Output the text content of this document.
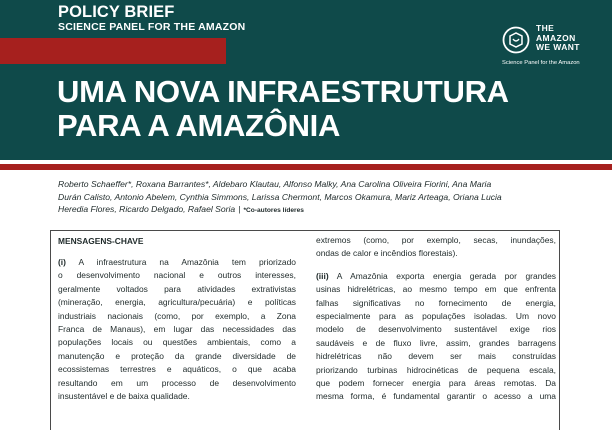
SCIENCE PANEL FOR THE AMAZON
POLICY BRIEF
UMA NOVA INFRAESTRUTURA
PARA A AMAZÔNIA
THE
AMAZON
WE WANT
Science Panel for the Amazon
Roberto Schaeffer*, Roxana Barrantes*, Aldebaro Klautau, Alfonso Malky, Ana Carolina Oliveira Fiorini, Ana Maria
Durán Calisto, Antonio Abelem, Cynthia Simmons, Larissa Chermont, Marcos Okamura, Mariz Arteaga, Oriana Lucia
Heredia Flores, Ricardo Delgado, Rafael Soria | *Co-autores líderes
MENSAGENS-CHAVE
(i) A infraestrutura na Amazônia tem priorizado
o desenvolvimento nacional e outros interesses,
geralmente voltados para atividades extrativistas
(mineração, energia, agricultura/pecuária) e políticas
industriais nacionais (como, por exemplo, a Zona
Franca de Manaus), em lugar das necessidades das
populações locais ou questões ambientais, como a
manutenção e proteção da grande diversidade de
ecossistemas terrestres e aquáticos, o que acaba
resultando em um processo de desenvolvimento
insustentável e de baixa qualidade.
extremos (como, por exemplo, secas, inundações,
ondas de calor e incêndios florestais).
(iii) A Amazônia exporta energia gerada por grandes
usinas hidrelétricas, ao mesmo tempo em que enfrenta
falhas significativas no fornecimento de energia,
especialmente para as populações isoladas. Um novo
modelo de desenvolvimento sustentável exige rios
saudáveis e de fluxo livre, assim, grandes barragens
hidrelétricas não devem ser mais construídas
priorizando turbinas hidrocinéticas de pequena escala,
que podem fornecer energia para áreas remotas. Da
mesma forma, é fundamental garantir o acesso a uma
